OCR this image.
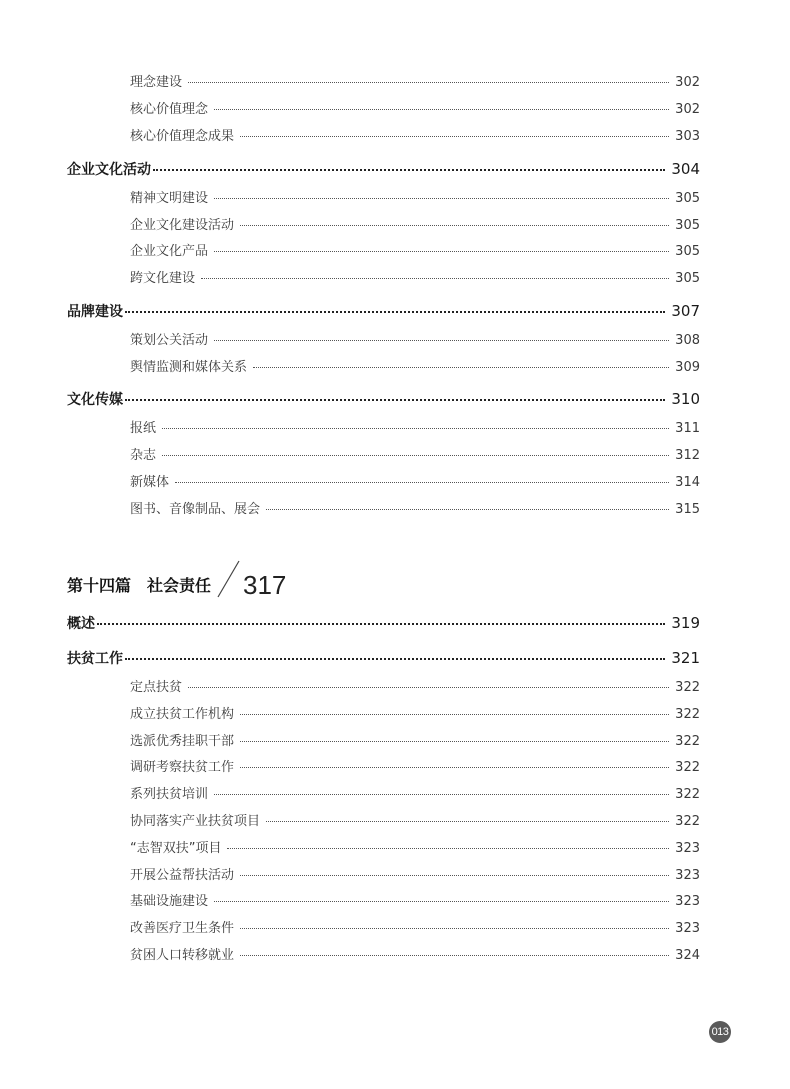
理念建设	302
核心价值理念	302
核心价值理念成果	303
企业文化活动	304
精神文明建设	305
企业文化建设活动	305
企业文化产品	305
跨文化建设	305
品牌建设	307
策划公关活动	308
舆情监测和媒体关系	309
文化传媒	310
报纸	311
杂志	312
新媒体	314
图书、音像制品、展会	315
第十四篇　社会责任 317
概述	319
扶贫工作	321
定点扶贫	322
成立扶贫工作机构	322
选派优秀挂职干部	322
调研考察扶贫工作	322
系列扶贫培训	322
协同落实产业扶贫项目	322
“志智双扶”项目	323
开展公益帮扶活动	323
基础设施建设	323
改善医疗卫生条件	323
贫困人口转移就业	324
013
